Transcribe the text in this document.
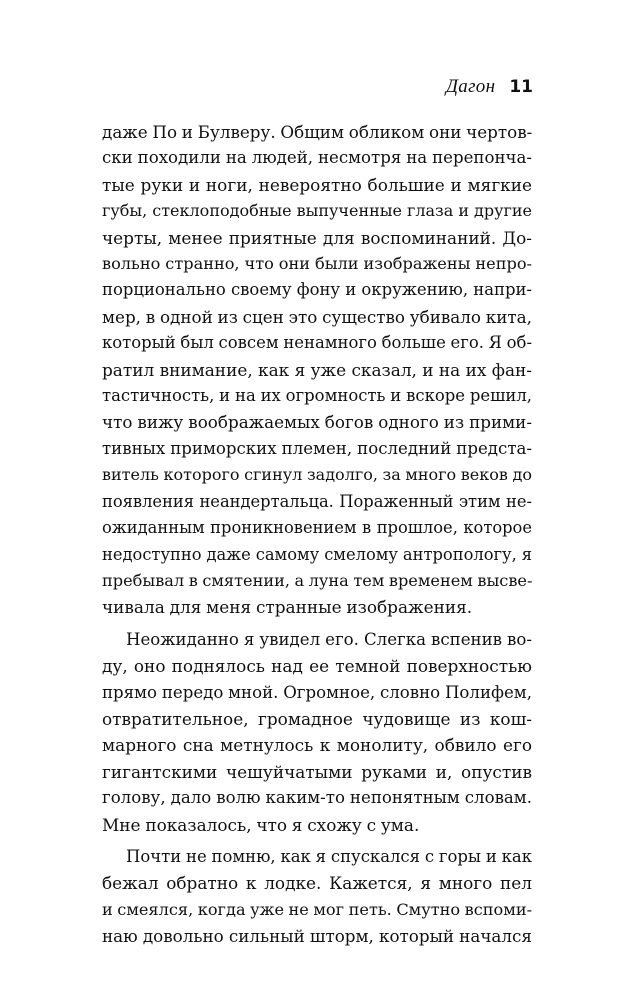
Дагон 11
даже По и Булверу. Общим обликом они чертов-
ски походили на людей, несмотря на перепонча-
тые руки и ноги, невероятно большие и мягкие
губы, стеклоподобные выпученные глаза и другие
черты, менее приятные для воспоминаний. До-
вольно странно, что они были изображены непро-
порционально своему фону и окружению, напри-
мер, в одной из сцен это существо убивало кита,
который был совсем ненамного больше его. Я об-
ратил внимание, как я уже сказал, и на их фан-
тастичность, и на их огромность и вскоре решил,
что вижу воображаемых богов одного из прими-
тивных приморских племен, последний предста-
витель которого сгинул задолго, за много веков до
появления неандертальца. Пораженный этим не-
ожиданным проникновением в прошлое, которое
недоступно даже самому смелому антропологу, я
пребывал в смятении, а луна тем временем высве-
чивала для меня странные изображения.
Неожиданно я увидел его. Слегка вспенив во-
ду, оно поднялось над ее темной поверхностью
прямо передо мной. Огромное, словно Полифем,
отвратительное, громадное чудовище из кош-
марного сна метнулось к монолиту, обвило его
гигантскими чешуйчатыми руками и, опустив
голову, дало волю каким-то непонятным словам.
Мне показалось, что я схожу с ума.
Почти не помню, как я спускался с горы и как
бежал обратно к лодке. Кажется, я много пел
и смеялся, когда уже не мог петь. Смутно вспоми-
наю довольно сильный шторм, который начался
